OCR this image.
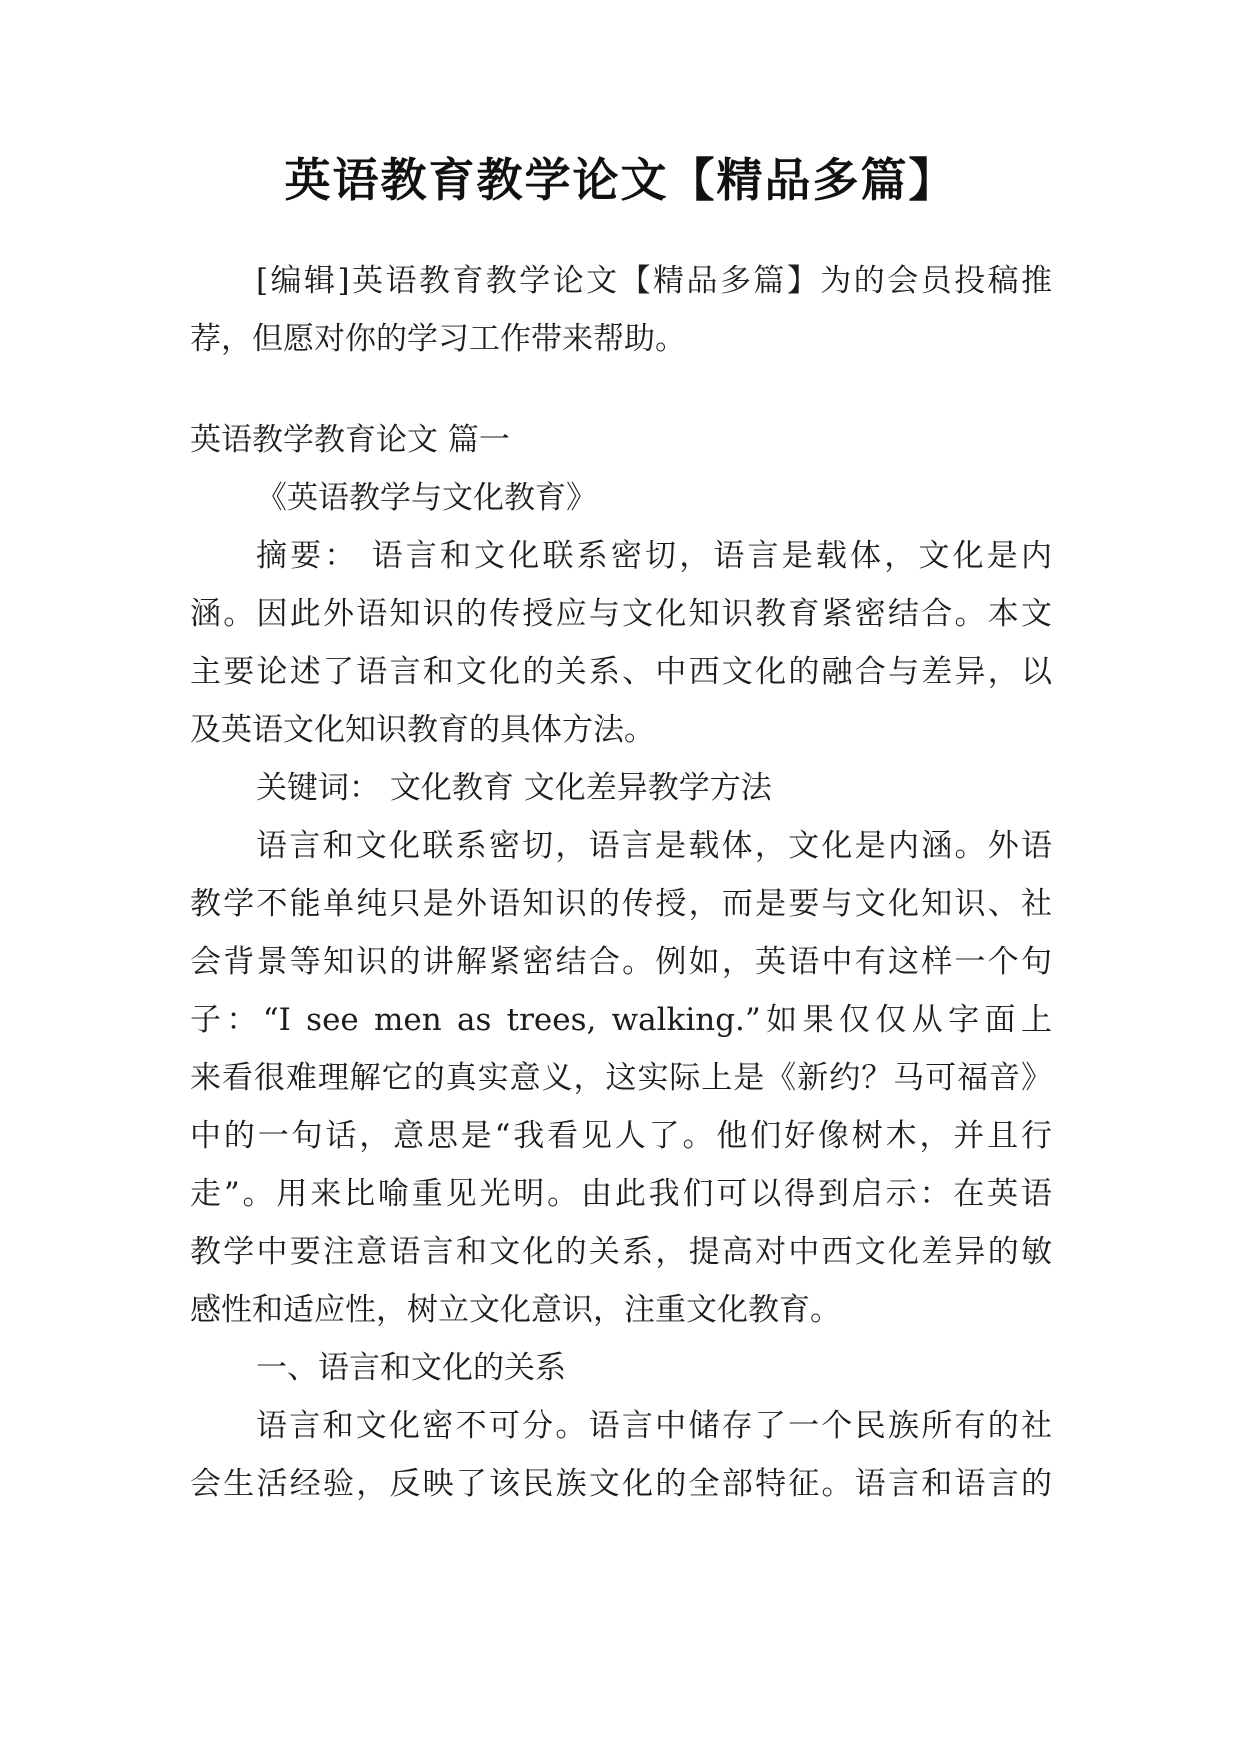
英语教育教学论文【精品多篇】
[编辑]英语教育教学论文【精品多篇】为的会员投稿推
荐，但愿对你的学习工作带来帮助。
英语教学教育论文 篇一
《英语教学与文化教育》
摘要： 语言和文化联系密切，语言是载体，文化是内
涵。因此外语知识的传授应与文化知识教育紧密结合。本文
主要论述了语言和文化的关系、中西文化的融合与差异，以
及英语文化知识教育的具体方法。
关键词： 文化教育 文化差异教学方法
语言和文化联系密切，语言是载体，文化是内涵。外语
教学不能单纯只是外语知识的传授，而是要与文化知识、社
会背景等知识的讲解紧密结合。例如，英语中有这样一个句
子：“I see men as trees, walking.”如果仅仅从字面上
来看很难理解它的真实意义，这实际上是《新约？马可福音》
中的一句话，意思是“我看见人了。他们好像树木，并且行
走”。用来比喻重见光明。由此我们可以得到启示：在英语
教学中要注意语言和文化的关系，提高对中西文化差异的敏
感性和适应性，树立文化意识，注重文化教育。
一、语言和文化的关系
语言和文化密不可分。语言中储存了一个民族所有的社
会生活经验，反映了该民族文化的全部特征。语言和语言的
